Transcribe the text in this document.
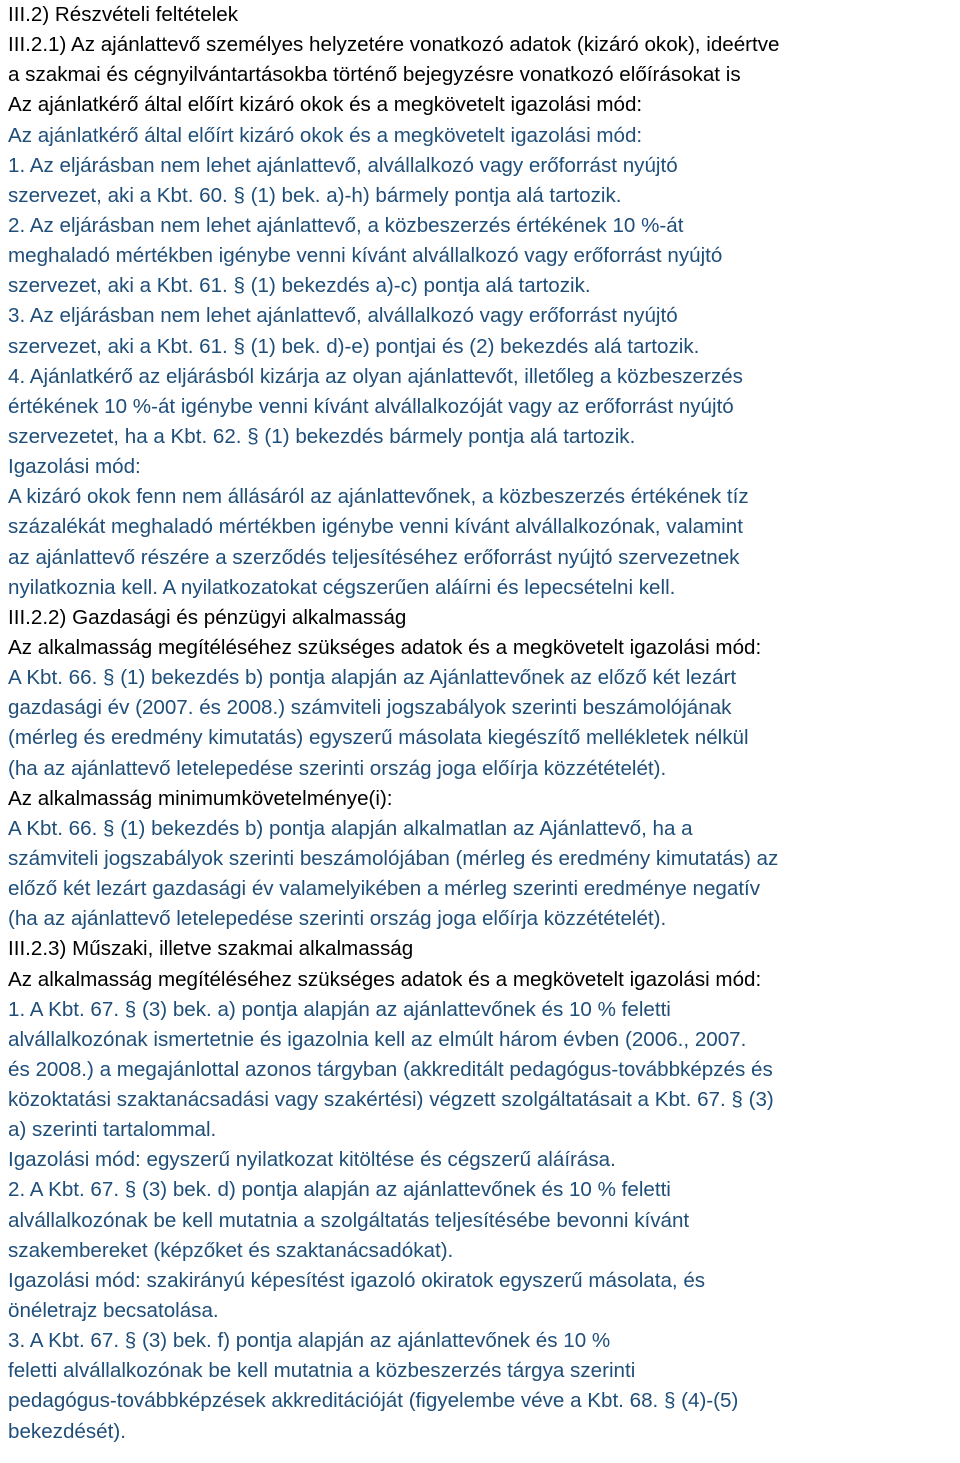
III.2) Részvételi feltételek
III.2.1) Az ajánlattevő személyes helyzetére vonatkozó adatok (kizáró okok), ideértve
a szakmai és cégnyilvántartásokba történő bejegyzésre vonatkozó előírásokat is
Az ajánlatkérő által előírt kizáró okok és a megkövetelt igazolási mód:
Az ajánlatkérő által előírt kizáró okok és a megkövetelt igazolási mód:
1. Az eljárásban nem lehet ajánlattevő, alvállalkozó vagy erőforrást nyújtó
szervezet, aki a Kbt. 60. § (1) bek. a)-h) bármely pontja alá tartozik.
2. Az eljárásban nem lehet ajánlattevő, a közbeszerzés értékének 10 %-át
meghaladó mértékben igénybe venni kívánt alvállalkozó vagy erőforrást nyújtó
szervezet, aki a Kbt. 61. § (1) bekezdés a)-c) pontja alá tartozik.
3. Az eljárásban nem lehet ajánlattevő, alvállalkozó vagy erőforrást nyújtó
szervezet, aki a Kbt. 61. § (1) bek. d)-e) pontjai és (2) bekezdés alá tartozik.
4. Ajánlatkérő az eljárásból kizárja az olyan ajánlattevőt, illetőleg a közbeszerzés
értékének 10 %-át igénybe venni kívánt alvállalkozóját vagy az erőforrást nyújtó
szervezetet, ha a Kbt. 62. § (1) bekezdés bármely pontja alá tartozik.
Igazolási mód:
A kizáró okok fenn nem állásáról az ajánlattevőnek, a közbeszerzés értékének tíz
százalékát meghaladó mértékben igénybe venni kívánt alvállalkozónak, valamint
az ajánlattevő részére a szerződés teljesítéséhez erőforrást nyújtó szervezetnek
nyilatkoznia kell. A nyilatkozatokat cégszerűen aláírni és lepecsételni kell.
III.2.2) Gazdasági és pénzügyi alkalmasság
Az alkalmasság megítéléséhez szükséges adatok és a megkövetelt igazolási mód:
A Kbt. 66. § (1) bekezdés b) pontja alapján az Ajánlattevőnek az előző két lezárt
gazdasági év (2007. és 2008.) számviteli jogszabályok szerinti beszámolójának
(mérleg és eredmény kimutatás) egyszerű másolata kiegészítő mellékletek nélkül
(ha az ajánlattevő letelepedése szerinti ország joga előírja közzétételét).
Az alkalmasság minimumkövetelménye(i):
A Kbt. 66. § (1) bekezdés b) pontja alapján alkalmatlan az Ajánlattevő, ha a
számviteli jogszabályok szerinti beszámolójában (mérleg és eredmény kimutatás) az
előző két lezárt gazdasági év valamelyikében a mérleg szerinti eredménye negatív
(ha az ajánlattevő letelepedése szerinti ország joga előírja közzétételét).
III.2.3) Műszaki, illetve szakmai alkalmasság
Az alkalmasság megítéléséhez szükséges adatok és a megkövetelt igazolási mód:
1. A Kbt. 67. § (3) bek. a) pontja alapján az ajánlattevőnek és 10 % feletti
alvállalkozónak ismertetnie és igazolnia kell az elmúlt három évben (2006., 2007.
és 2008.) a megajánlottal azonos tárgyban (akkreditált pedagógus-továbbképzés és
közoktatási szaktanácsadási vagy szakértési) végzett szolgáltatásait a Kbt. 67. § (3)
a) szerinti tartalommal.
Igazolási mód: egyszerű nyilatkozat kitöltése és cégszerű aláírása.
2. A Kbt. 67. § (3) bek. d) pontja alapján az ajánlattevőnek és 10 % feletti
alvállalkozónak be kell mutatnia a szolgáltatás teljesítésébe bevonni kívánt
szakembereket (képzőket és szaktanácsadókat).
Igazolási mód: szakirányú képesítést igazoló okiratok egyszerű másolata, és
önéletrajz becsatolása.
3. A Kbt. 67. § (3) bek. f) pontja alapján az ajánlattevőnek és 10 %
feletti alvállalkozónak be kell mutatnia a közbeszerzés tárgya szerinti
pedagógus-továbbképzések akkreditációját (figyelembe véve a Kbt. 68. § (4)-(5)
bekezdését).
